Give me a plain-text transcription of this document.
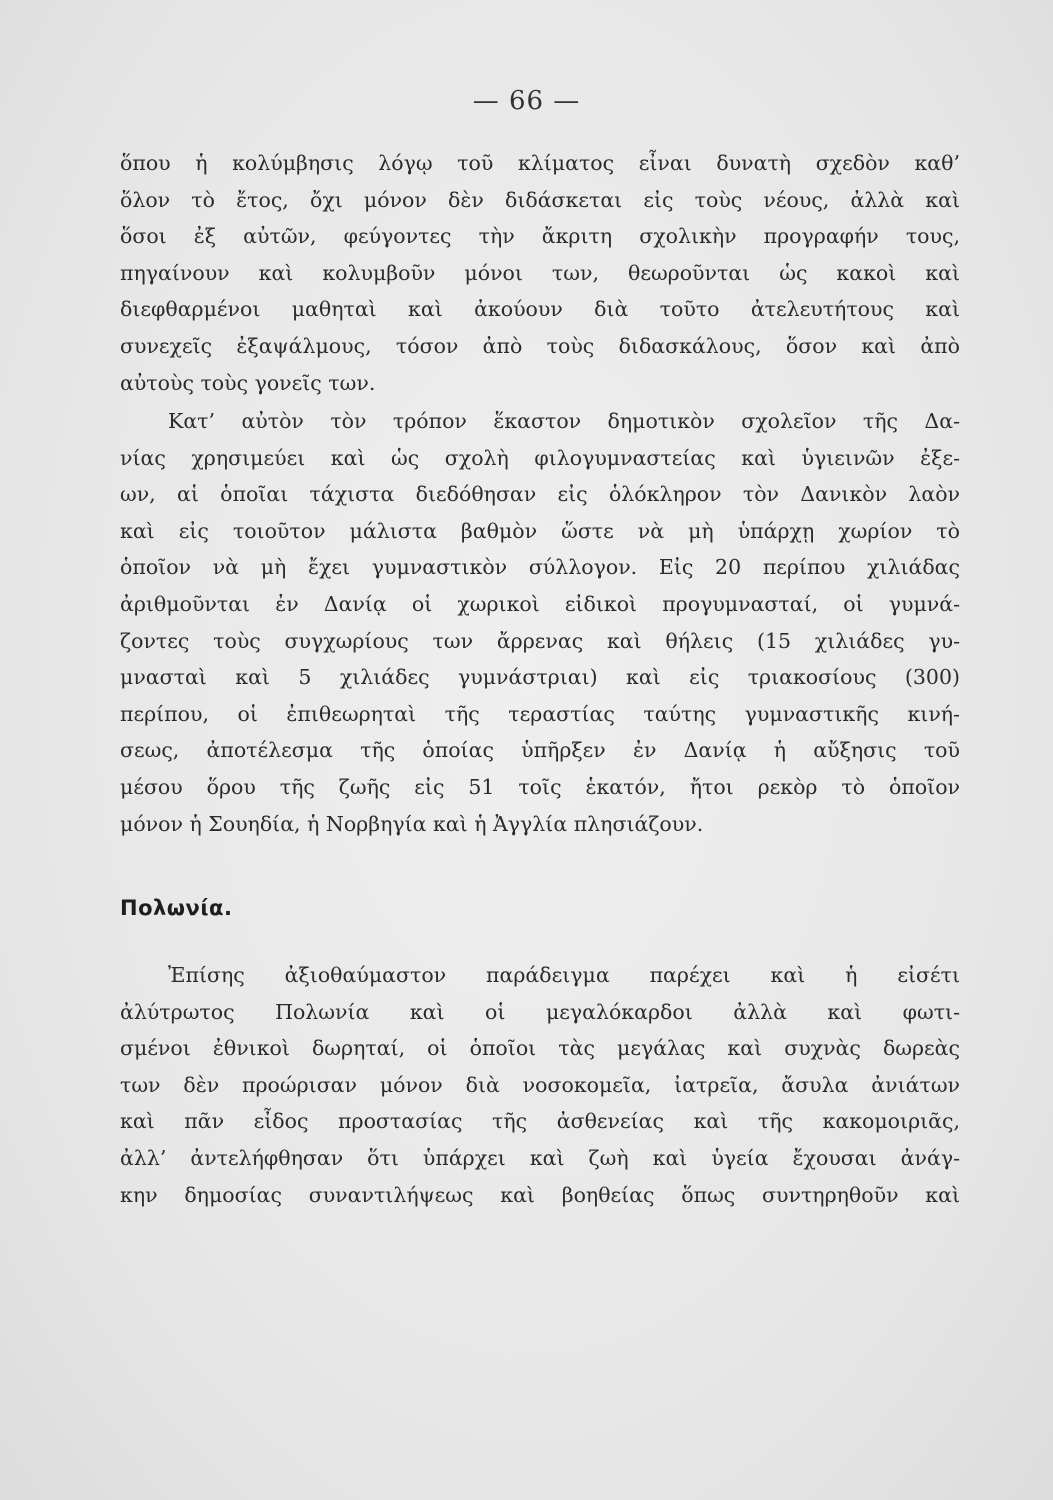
— 66 —
ὅπου ἡ κολύμβησις λόγῳ τοῦ κλίματος εἶναι δυνατὴ σχεδὸν καθ’
ὅλον τὸ ἔτος, ὄχι μόνον δὲν διδάσκεται εἰς τοὺς νέους, ἀλλὰ καὶ
ὅσοι ἐξ αὐτῶν, φεύγοντες τὴν ἄκριτη σχολικὴν προγραφήν τους,
πηγαίνουν καὶ κολυμβοῦν μόνοι των, θεωροῦνται ὡς κακοὶ καὶ
διεφθαρμένοι μαθηταὶ καὶ ἀκούουν διὰ τοῦτο ἀτελευτήτους καὶ
συνεχεῖς ἐξαψάλμους, τόσον ἀπὸ τοὺς διδασκάλους, ὅσον καὶ ἀπὸ
αὐτοὺς τοὺς γονεῖς των.
Κατ’ αὐτὸν τὸν τρόπον ἕκαστον δημοτικὸν σχολεῖον τῆς Δα-
νίας χρησιμεύει καὶ ὡς σχολὴ φιλογυμναστείας καὶ ὑγιεινῶν ἐξε-
ων, αἱ ὁποῖαι τάχιστα διεδόθησαν εἰς ὁλόκληρον τὸν Δανικὸν λαὸν
καὶ εἰς τοιοῦτον μάλιστα βαθμὸν ὥστε νὰ μὴ ὑπάρχῃ χωρίον τὸ
ὁποῖον νὰ μὴ ἔχει γυμναστικὸν σύλλογον. Εἰς 20 περίπου χιλιάδας
ἀριθμοῦνται ἐν Δανίᾳ οἱ χωρικοὶ εἰδικοὶ προγυμνασταί, οἱ γυμνά-
ζοντες τοὺς συγχωρίους των ἄρρενας καὶ θήλεις (15 χιλιάδες γυ-
μνασταὶ καὶ 5 χιλιάδες γυμνάστριαι) καὶ εἰς τριακοσίους (300)
περίπου, οἱ ἐπιθεωρηταὶ τῆς τεραστίας ταύτης γυμναστικῆς κινή-
σεως, ἀποτέλεσμα τῆς ὁποίας ὑπῆρξεν ἐν Δανίᾳ ἡ αὔξησις τοῦ
μέσου ὅρου τῆς ζωῆς εἰς 51 τοῖς ἑκατόν, ἤτοι ρεκὸρ τὸ ὁποῖον
μόνον ἡ Σουηδία, ἡ Νορβηγία καὶ ἡ Ἀγγλία πλησιάζουν.
Πολωνία.
Ἐπίσης ἀξιοθαύμαστον παράδειγμα παρέχει καὶ ἡ εἰσέτι
ἀλύτρωτος Πολωνία καὶ οἱ μεγαλόκαρδοι ἀλλὰ καὶ φωτι-
σμένοι ἐθνικοὶ δωρηταί, οἱ ὁποῖοι τὰς μεγάλας καὶ συχνὰς δωρεὰς
των δὲν προώρισαν μόνον διὰ νοσοκομεῖα, ἰατρεῖα, ἄσυλα ἀνιάτων
καὶ πᾶν εἶδος προστασίας τῆς ἀσθενείας καὶ τῆς κακομοιριᾶς,
ἀλλ’ ἀντελήφθησαν ὅτι ὑπάρχει καὶ ζωὴ καὶ ὑγεία ἔχουσαι ἀνάγ-
κην δημοσίας συναντιλήψεως καὶ βοηθείας ὅπως συντηρηθοῦν καὶ
